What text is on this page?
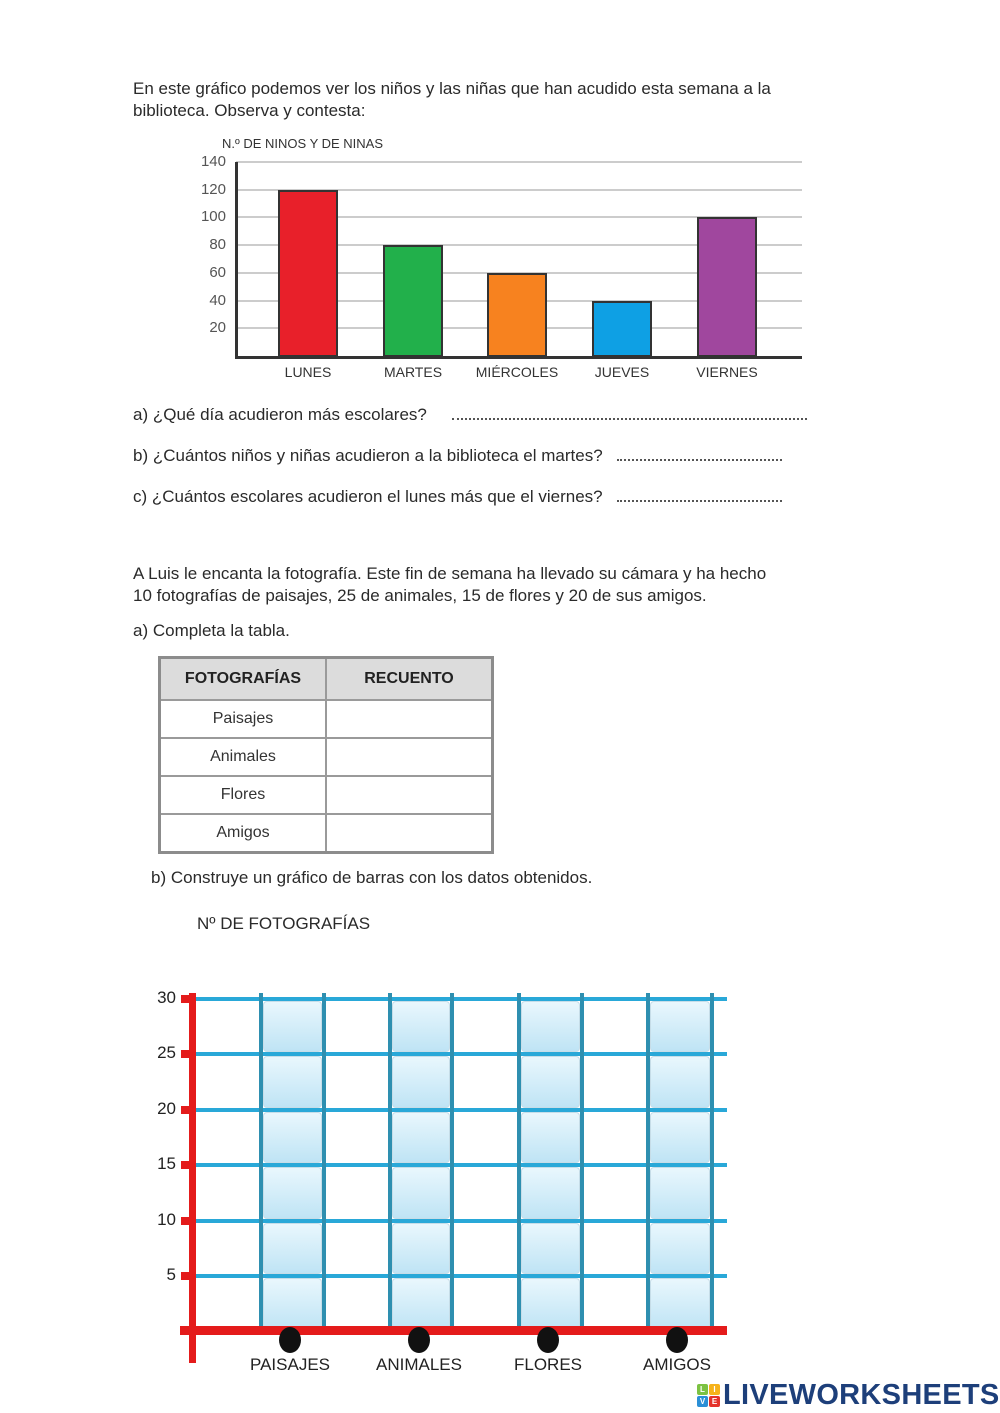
En este gráfico podemos ver los niños y las niñas que han acudido esta semana a la
biblioteca. Observa y contesta:
N.º DE NINOS Y DE NINAS
20
40
60
80
100
120
140
LUNES	MARTES	MIÉRCOLES	JUEVES	VIERNES
a) ¿Qué día acudieron más escolares?
b) ¿Cuántos niños y niñas acudieron a la biblioteca el martes?
c) ¿Cuántos escolares acudieron el lunes más que el viernes?
A Luis le encanta la fotografía. Este fin de semana ha llevado su cámara y ha hecho
10 fotografías de paisajes, 25 de animales, 15 de flores y 20 de sus amigos.
a) Completa la tabla.
FOTOGRAFÍAS	RECUENTO
Paisajes	
Animales	
Flores	
Amigos	
b) Construye un gráfico de barras con los datos obtenidos.
Nº DE FOTOGRAFÍAS
30
25
20
15
10
5
PAISAJES	ANIMALES	FLORES	AMIGOS
L	I
V E LIVEWORKSHEETS
